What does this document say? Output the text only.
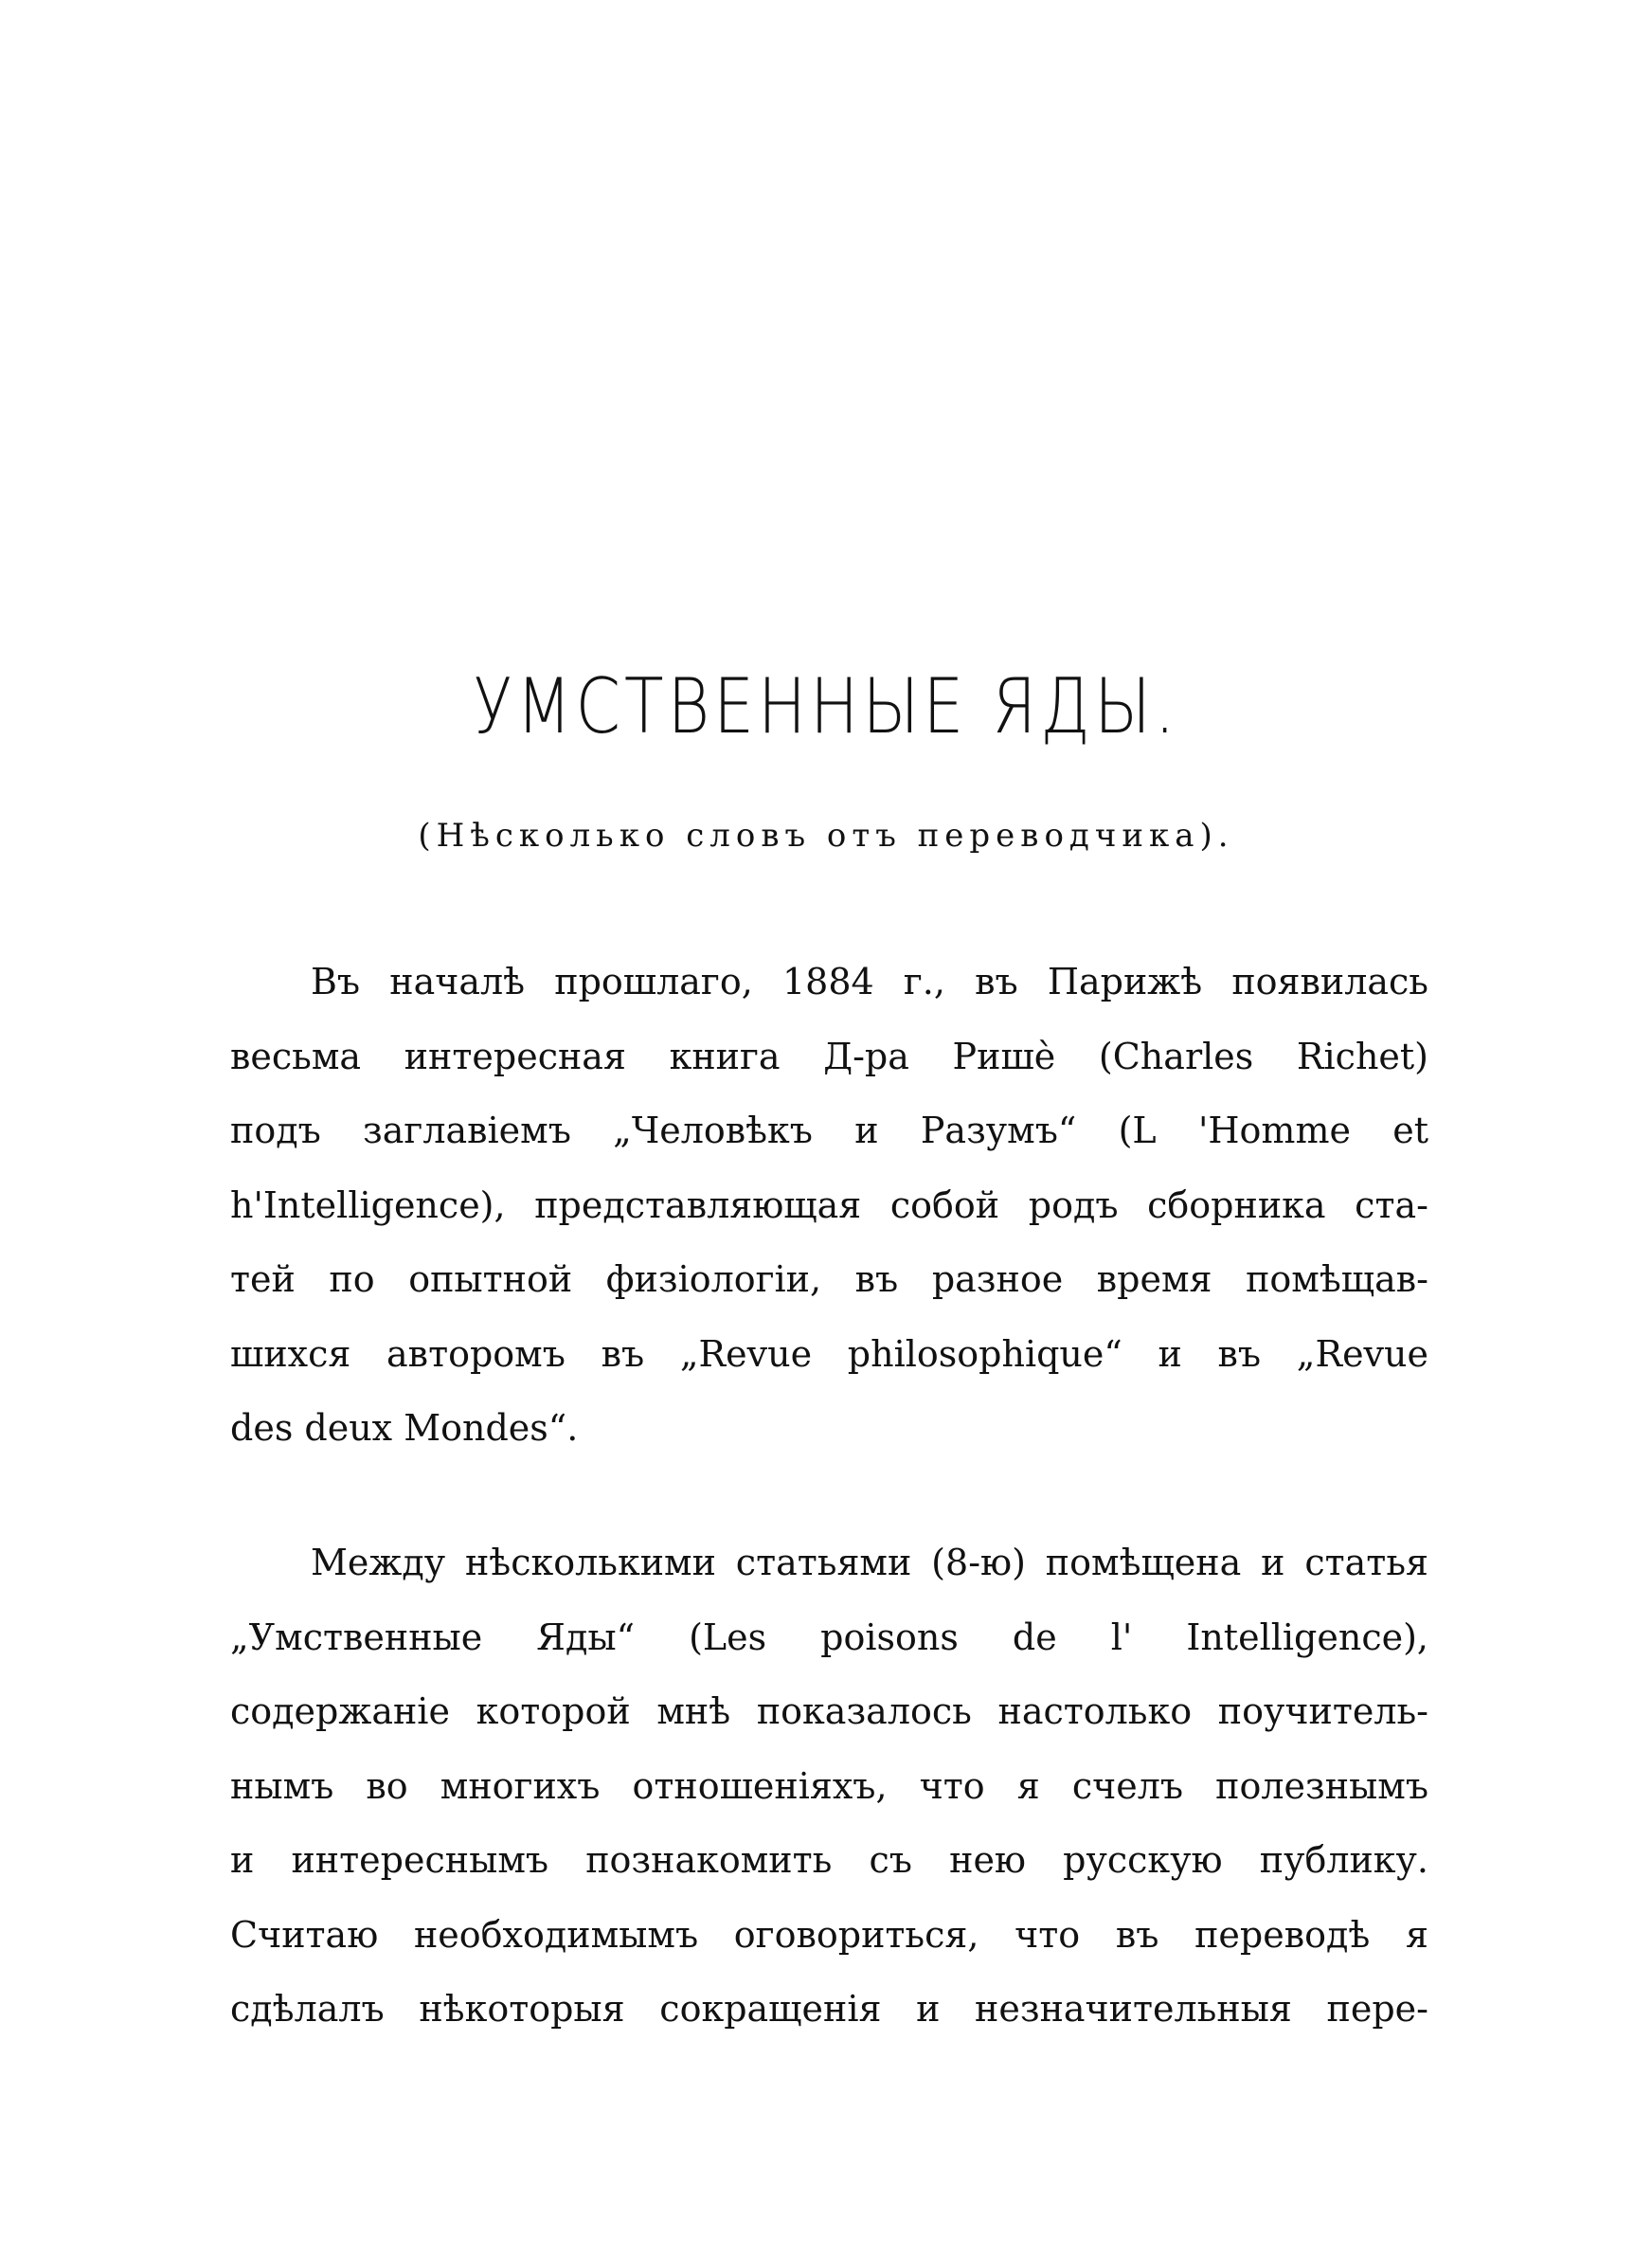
УМСТВЕННЫЕ ЯДЫ.
(Нѣсколько словъ отъ переводчика).
Въ началѣ прошлаго, 1884 г., въ Парижѣ появилась
весьма интересная книга Д-ра Ришѐ (Charles Richet)
подъ заглавіемъ „Человѣкъ и Разумъ“ (L 'Homme et
h'Intelligence), представляющая собой родъ сборника ста-
тей по опытной физіологіи, въ разное время помѣщав-
шихся авторомъ въ „Revue philosophique“ и въ „Revue
des deux Mondes“.
Между нѣсколькими статьями (8-ю) помѣщена и статья
„Умственные Яды“ (Les poisons de l' Intelligence),
содержаніе которой мнѣ показалось настолько поучитель-
нымъ во многихъ отношеніяхъ, что я счелъ полезнымъ
и интереснымъ познакомить съ нею русскую публику.
Считаю необходимымъ оговориться, что въ переводѣ я
сдѣлалъ нѣкоторыя сокращенія и незначительныя пере-
